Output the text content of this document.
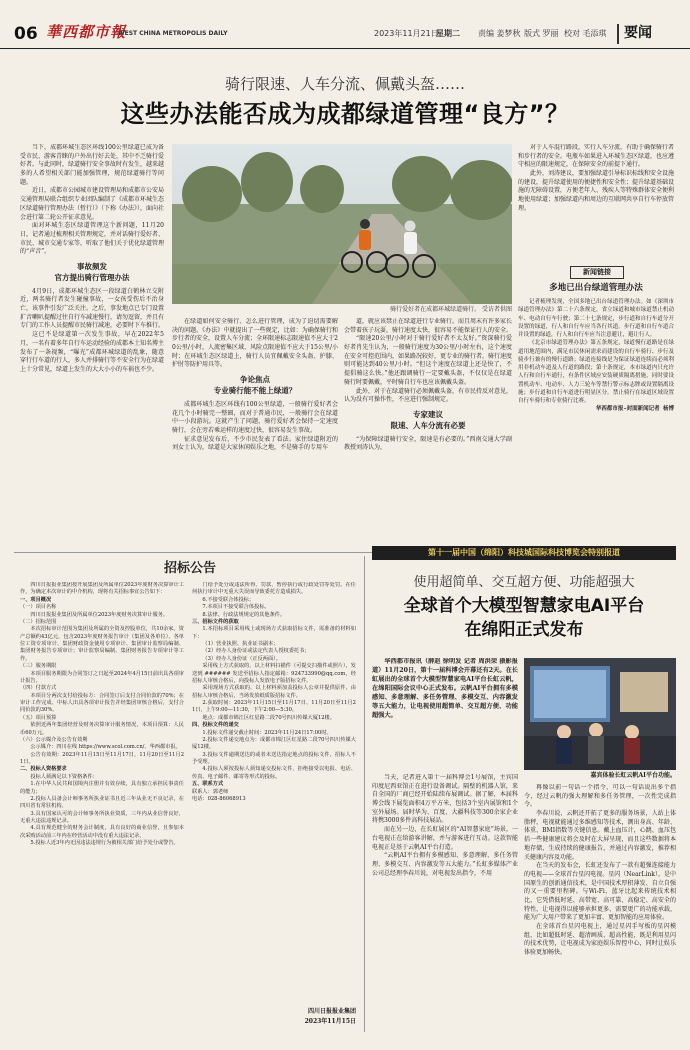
06 華西都市報
WEST CHINA METROPOLIS DAILY	2023年11月21日
星期二 责编 姜梦秋 版式 罗丽 校对 毛添琪 要闻
骑行限速、人车分流、佩戴头盔……
这些办法能否成为成都绿道管理“良方”？

当下，成都环城生态区环线100公里绿道已成为备受市民、游客青睐的户外出行好去处，其中不乏骑行爱好者。与此同时，绿道骑行安全事故时有发生，越来越多的人希望相关部门能加强管理，规范绿道骑行等问题。

近日，成都市公园城市建设管理局和成都市公安局交通管理局联合组织专业团队编制了《成都市环城生态区绿道骑行管理办法（暂行）》（下称《办法》），面向社会进行第二轮公开征求意见。

面对环城生态区绿道管理这个新问题，11月20日，记者通过梳理相关管理规定，并对话骑行爱好者、市民、城市交通专家等，听取了他们关于优化绿道管理的“声音”。

事故频发
官方提出骑行管理办法

4月9日，成都环城生态区一段绿道白鹤林立交附近，两名骑行者发生碰撞事故，一女孩受伤后不治身亡，该事件引发广泛关注。之后，事发地点已专门设置扩音喇叭提醒过往自行车减速慢行，请勿逗留，并且有专门的工作人员提醒市民骑行减速，必要时下车推行。

这已不是绿道第一次发生事故，早在2022年5月，一名有着多年自行车运动经验的成都本土知名博主发布了一条视频，“曝光”成都环城绿道的乱象，随意穿行行车道的行人，多人并排骑行等不安全行为在绿道上十分常见，绿道上发生的大大小小的车祸也不少。

骑行爱好者在成都环城绿道骑行。 受访者供图

在绿道如何安全骑行、怎么进行管理，成为了迫切需要解决的问题。《办法》中就提出了一些规定，比如：为确保骑行和步行者的安全，设置人车分流；全环限速标志限速值不应大于20公里/小时，人流密集区域、风险点限速值不应大于15公里/小时；在环城生态区绿道上，骑行人员宜佩戴安全头盔、护膝、护肘等防护用具等。

争论焦点
专业骑行能不能上绿道？

成都环城生态区环线有100公里绿道，一般骑行爱好者会花几个小时骑完一整圈，而对于普通市民，一般骑行会在绿道中一小段游玩。这就产生了问题，骑行爱好者会保持一定速度骑行，会在旁若乘运样的速度过快，很容易发生事故。

征求意见发布后，不少市民发表了看法。家住绿道附近的刘女士认为，绿道是大家休闲娱乐之地，不是骑手的专用车

道，就应该禁止在绿道进行专业骑行。而且周末有许多家长会带着孩子玩耍，骑行速度太快，很容易不能保证行人的安全。

“限速20公里/小时对于骑行爱好者不太友好。”资深骑行爱好者肖先生认为，一般骑行速度为30公里/小时左右，这个速度在安全可控范围内，如果路况较好，更专业的骑行者，骑行速度则可能达到40公里/小时。“但这个速度在绿道上还是快了，不提倡骑这么快。”他还跟调骑行一定要戴头盔，不仅仅是在绿道骑行时要佩戴，平时骑自行车也应该佩戴头盔。

此外，对于在绿道骑行必须佩戴头盔，有市民持反对意见，认为没有可操作性，不应进行强制规定。

专家建议
限速、人车分流有必要

“为保障绿道骑行安全，限速是有必要的。”西南交通大学副教授刘涛认为，

对于人车混行路段，实行人车分流，有助于确保骑行者和步行者的安全。电瓶车如果进入环城生态区绿道，也应遵守相应的限速规定，在保障安全的前提下通行。

此外，刘涛建议，要加强绿道引导标识标线和安全设施的建设，提升绿道使用的便捷性和安全性；提升绿道基础设施的无障碍设置，方便老年人、残疾人等特殊群体安全便利地使用绿道；加强绿道内和周边的互联网共享自行车停放管理。

新闻链接
多地已出台绿道管理办法

记者梳理发现，全国多地已出台绿道管理办法。如《深圳市绿道管理办法》第二十六条规定，省立绿道和城市绿道禁止机动车、电动自行车行驶；第二十七条规定，步行道和自行车道分开设置的绿道，行人和自行车应当各行其道。步行道和自行车道合并设置的绿道，行人和自行车应当注意避让，避让行人。

《北京市绿道管理办法》第五条规定，绿道慢行道路是在绿道用地范围内，满足市民休闲需求而建设的自行车骑行、步行及骑步行兼有的慢行道路；绿道连接线是为保证绿道连续而必须利用非机动车道及人行道的路段；第十条规定，本市绿道内只允许人行和自行车通行，有条件区域应安装硬质隔离措施，同时要设置机动车、电动车、人力三轮车等禁行警示标志牌或设置隔离设施；步行道和自行车道进行明显区分。禁止骑行在绿道区域设置自行车骑行和专业骑行比赛。

华西都市报-封面新闻记者 杨博
招标公告

四川日报报业集团按开展集团及所属单位2023年度财务决算审计工作，为确定本次审计的中介机构，现将有关招标事宜公告如下：

一、项目概况
（一）项目名称

四川日报报业集团及所属单位2023年度财务决算审计服务。

（二）招标范围

本次招标审计范围为集团及所属的全资及控股单位，共10余家。资产总额约43亿元，包含2023年度财务报告审计（集团及各单位）、各单位工资专项审计、集团财政资金使用专项审计、集团审计监察局编制、集团财务报告专项审计；审计监察局编制、集团财务报告专项审计等工作。

（三）服务期限

本项目服务期限为合同签订之日起至2024年4月15日前出具各项审计报告。

（四）付款方式

本项目分两次支付给投标方：合同签订后支付合同价款的70%；在审计工作完成、中标人出具各项审计报告并经集团审核合格后，支付合同价款的30%。

（五）项目预算

依照近两年集团经营及财务决算审计服务情况，本项目预算：人民币60万元。

（六）公示媒介及公告有效期

公示媒介：四川在线 https://www.scol.com.cn/、华西都市报。

公告有效期：2023年11月15日至11月17日，11月20日至11月21日。

二、投标人资格要求

投标人须满足以下资格条件：

1.在中华人民共和国境内注册并有效存续，具有独立承担民事责任的能力；

2.投标人具备会计师事务所执业证书且近三年从业无不良记录，在四川省有常驻机构。

3.具有国家认可的会计师事务所执业资质，三年内从业信誉良好，无重大违法违规记录。

4.具有规范健全的财务会计制度，具有良好的商业信誉，且参加本次采购活动前三年内在经营活动中没有重大违法记录。

5.投标人近3年内无因违法违规行为被相关部门给予处分或警告。

门给予处分或违法所得、罚款、暂停执行或行政处罚等处罚。在任何执行审计中无重大失误而导致委托方造成损失。

6.不接受联合体投标；

7.本项目不接受联合体投标。

8.法律、行政法规规定的其他条件。

三、招标文件的获取

1.本招标项目采用线上或现场方式获取招标文件，需准备的材料如下：

（1）营业执照、执业证书副本；

（2）经办人身份证或法定代表人授权委托书；

（3）经办人身份证（正反两面）。

采用线上方式获取的，以上材料扫描件（可提交扫描件或照片），发送到 ###### 发送至招标人指定邮箱：924733990@qq.com，经招标人审核合格后，向投标人发放电子版招标文件。

采用现场方式获取的，以上材料须加盖投标人公章并提供原件，由招标人审核合格后，当场发放纸质版招标文件。

2.获取时间：2023年11月15日至11月17日、11月20日至11月21日，上午9:00—11:30，下午2:00—5:30。

地点：成都市锦江区红星路二段70号四川传媒大厦12楼。

四、投标文件的递交

1.投标文件递交截止时间：2023年11月24日17:00时。

2.投标文件递交地点为：成都市锦江区红星路二段70号四川传媒大厦12楼。

3.投标文件逾期送达的或者未送达指定地点的投标文件，招标人不予受理。

4.投标人须按投标人须知递交投标文件，拒绝接受以电报、电话、传真、电子邮件、邮寄等形式的投标。

五、联系方式
联系人：郭老师
电话：028-86068913
四川日报报业集团
2023年11月15日
第十一届中国（绵阳）科技城国际科技博览会特别报道
使用超简单、交互超方便、功能超强大
全球首个大模型智慧家电AI平台
在绵阳正式发布
华西都市报讯（薛赵 徐明发 记者 周洪荣 摄影报道）11月20日，第十一届科博会开幕还有2天。在长虹展出的全球首个大模型智慧家电AI平台长虹云帆，在绵阳国际会议中心正式发布。云帆AI平台拥有多模感知、多意理解、多任务管理、多模交互、内容激发等五大能力，让电视使用超简单、交互超方便、功能超强大。
嘉宾体验长虹云帆AI平台功能。

当天，记者进入第十一届科博会1号展馆，主宾国印度尼西亚馆正在进行设备调试。隔壁的机器人馆，来自全国的厂商已经开始陆续布展调试。据了解，本届科博会线下展览面积4万平方米，包括3个室内展馆和1个室外展场。届时华为、百度、大疆科技等300余家企业将携3000多件高科技展品。

而在另一边，在长虹展区的“AI智慧家庭”场景，一台电视正在给游客讲解，并与游客进行互动。这款智能电视正是基于云帆AI平台打造。

“云帆AI平台拥有多模感知、多意理解、多任务管理、多模交互、内容激发等五大能力。”长虹多媒体产业公司总经理李春川说，对电视发出指令，不用

再像以前一句话一个指令，可以一句话说出多个指令，经过云帆的强大理解和多任务管理，一次性完成指令。

李春川说，云帆还开拓了更多的服务场景，人站上体脂秤，电视就能通过多维感知等技术，测出身高、年龄、体重、BMI指数等关键信息。戴上血压计，心跳、血压包括一些健康建议将会及时在大屏呈现，而且这些数据将本地存储，生成持续的健康报告，并通过内容激发，推荐相关健康内容及功能。

在当天的发布会，长虹还发布了一款有超强连接能力的电视——全球首台星闪电视。星闪（NearLink），是中国原生的创新通信技术，是中国技术厚积薄发、自立自强的又一重要里程碑。与Wi-Fi、蓝牙比起来传统技术相比，它凭借低时延、高带宽、高可靠、高稳定、高安全的特性，让电视得以能够承担更多、需要更广的功能承载，能为广大用户带来了更加丰富、更加智能的应用体验。

在全球首台星闪电视上，通过星闪手写板的星闪模组，比如超低时延、超清画质、超高性能，既是利用星闪的技术优势，让电视成为家庭娱乐智控中心，同时让娱乐体验更加畅快。
